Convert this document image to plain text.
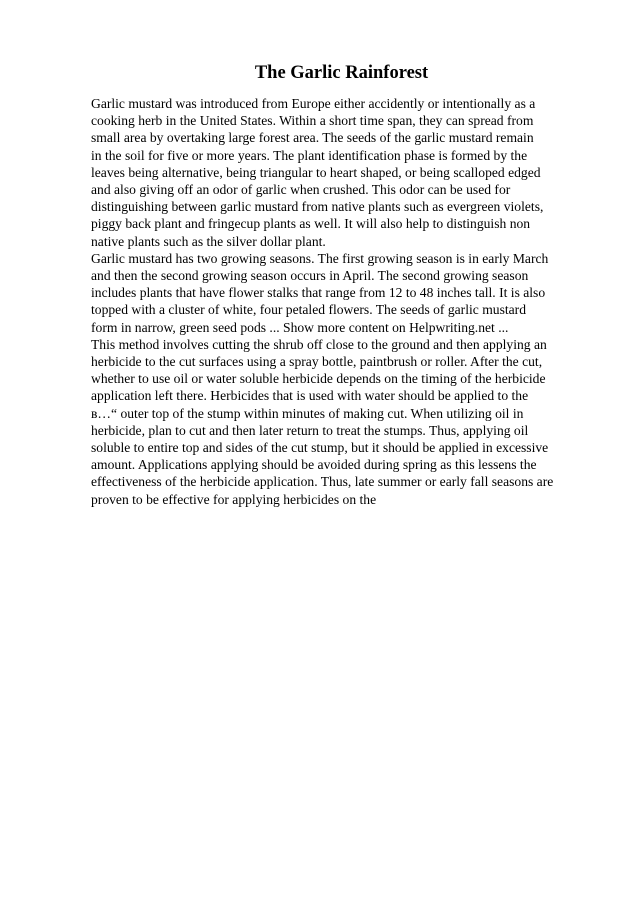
The Garlic Rainforest
Garlic mustard was introduced from Europe either accidently or intentionally as a
cooking herb in the United States. Within a short time span, they can spread from
small area by overtaking large forest area. The seeds of the garlic mustard remain
in the soil for five or more years. The plant identification phase is formed by the
leaves being alternative, being triangular to heart shaped, or being scalloped edged
and also giving off an odor of garlic when crushed. This odor can be used for
distinguishing between garlic mustard from native plants such as evergreen violets,
piggy back plant and fringecup plants as well. It will also help to distinguish non
native plants such as the silver dollar plant.
Garlic mustard has two growing seasons. The first growing season is in early March
and then the second growing season occurs in April. The second growing season
includes plants that have flower stalks that range from 12 to 48 inches tall. It is also
topped with a cluster of white, four petaled flowers. The seeds of garlic mustard
form in narrow, green seed pods ... Show more content on Helpwriting.net ...
This method involves cutting the shrub off close to the ground and then applying an
herbicide to the cut surfaces using a spray bottle, paintbrush or roller. After the cut,
whether to use oil or water soluble herbicide depends on the timing of the herbicide
application left there. Herbicides that is used with water should be applied to the
в…“ outer top of the stump within minutes of making cut. When utilizing oil in
herbicide, plan to cut and then later return to treat the stumps. Thus, applying oil
soluble to entire top and sides of the cut stump, but it should be applied in excessive
amount. Applications applying should be avoided during spring as this lessens the
effectiveness of the herbicide application. Thus, late summer or early fall seasons are
proven to be effective for applying herbicides on the
